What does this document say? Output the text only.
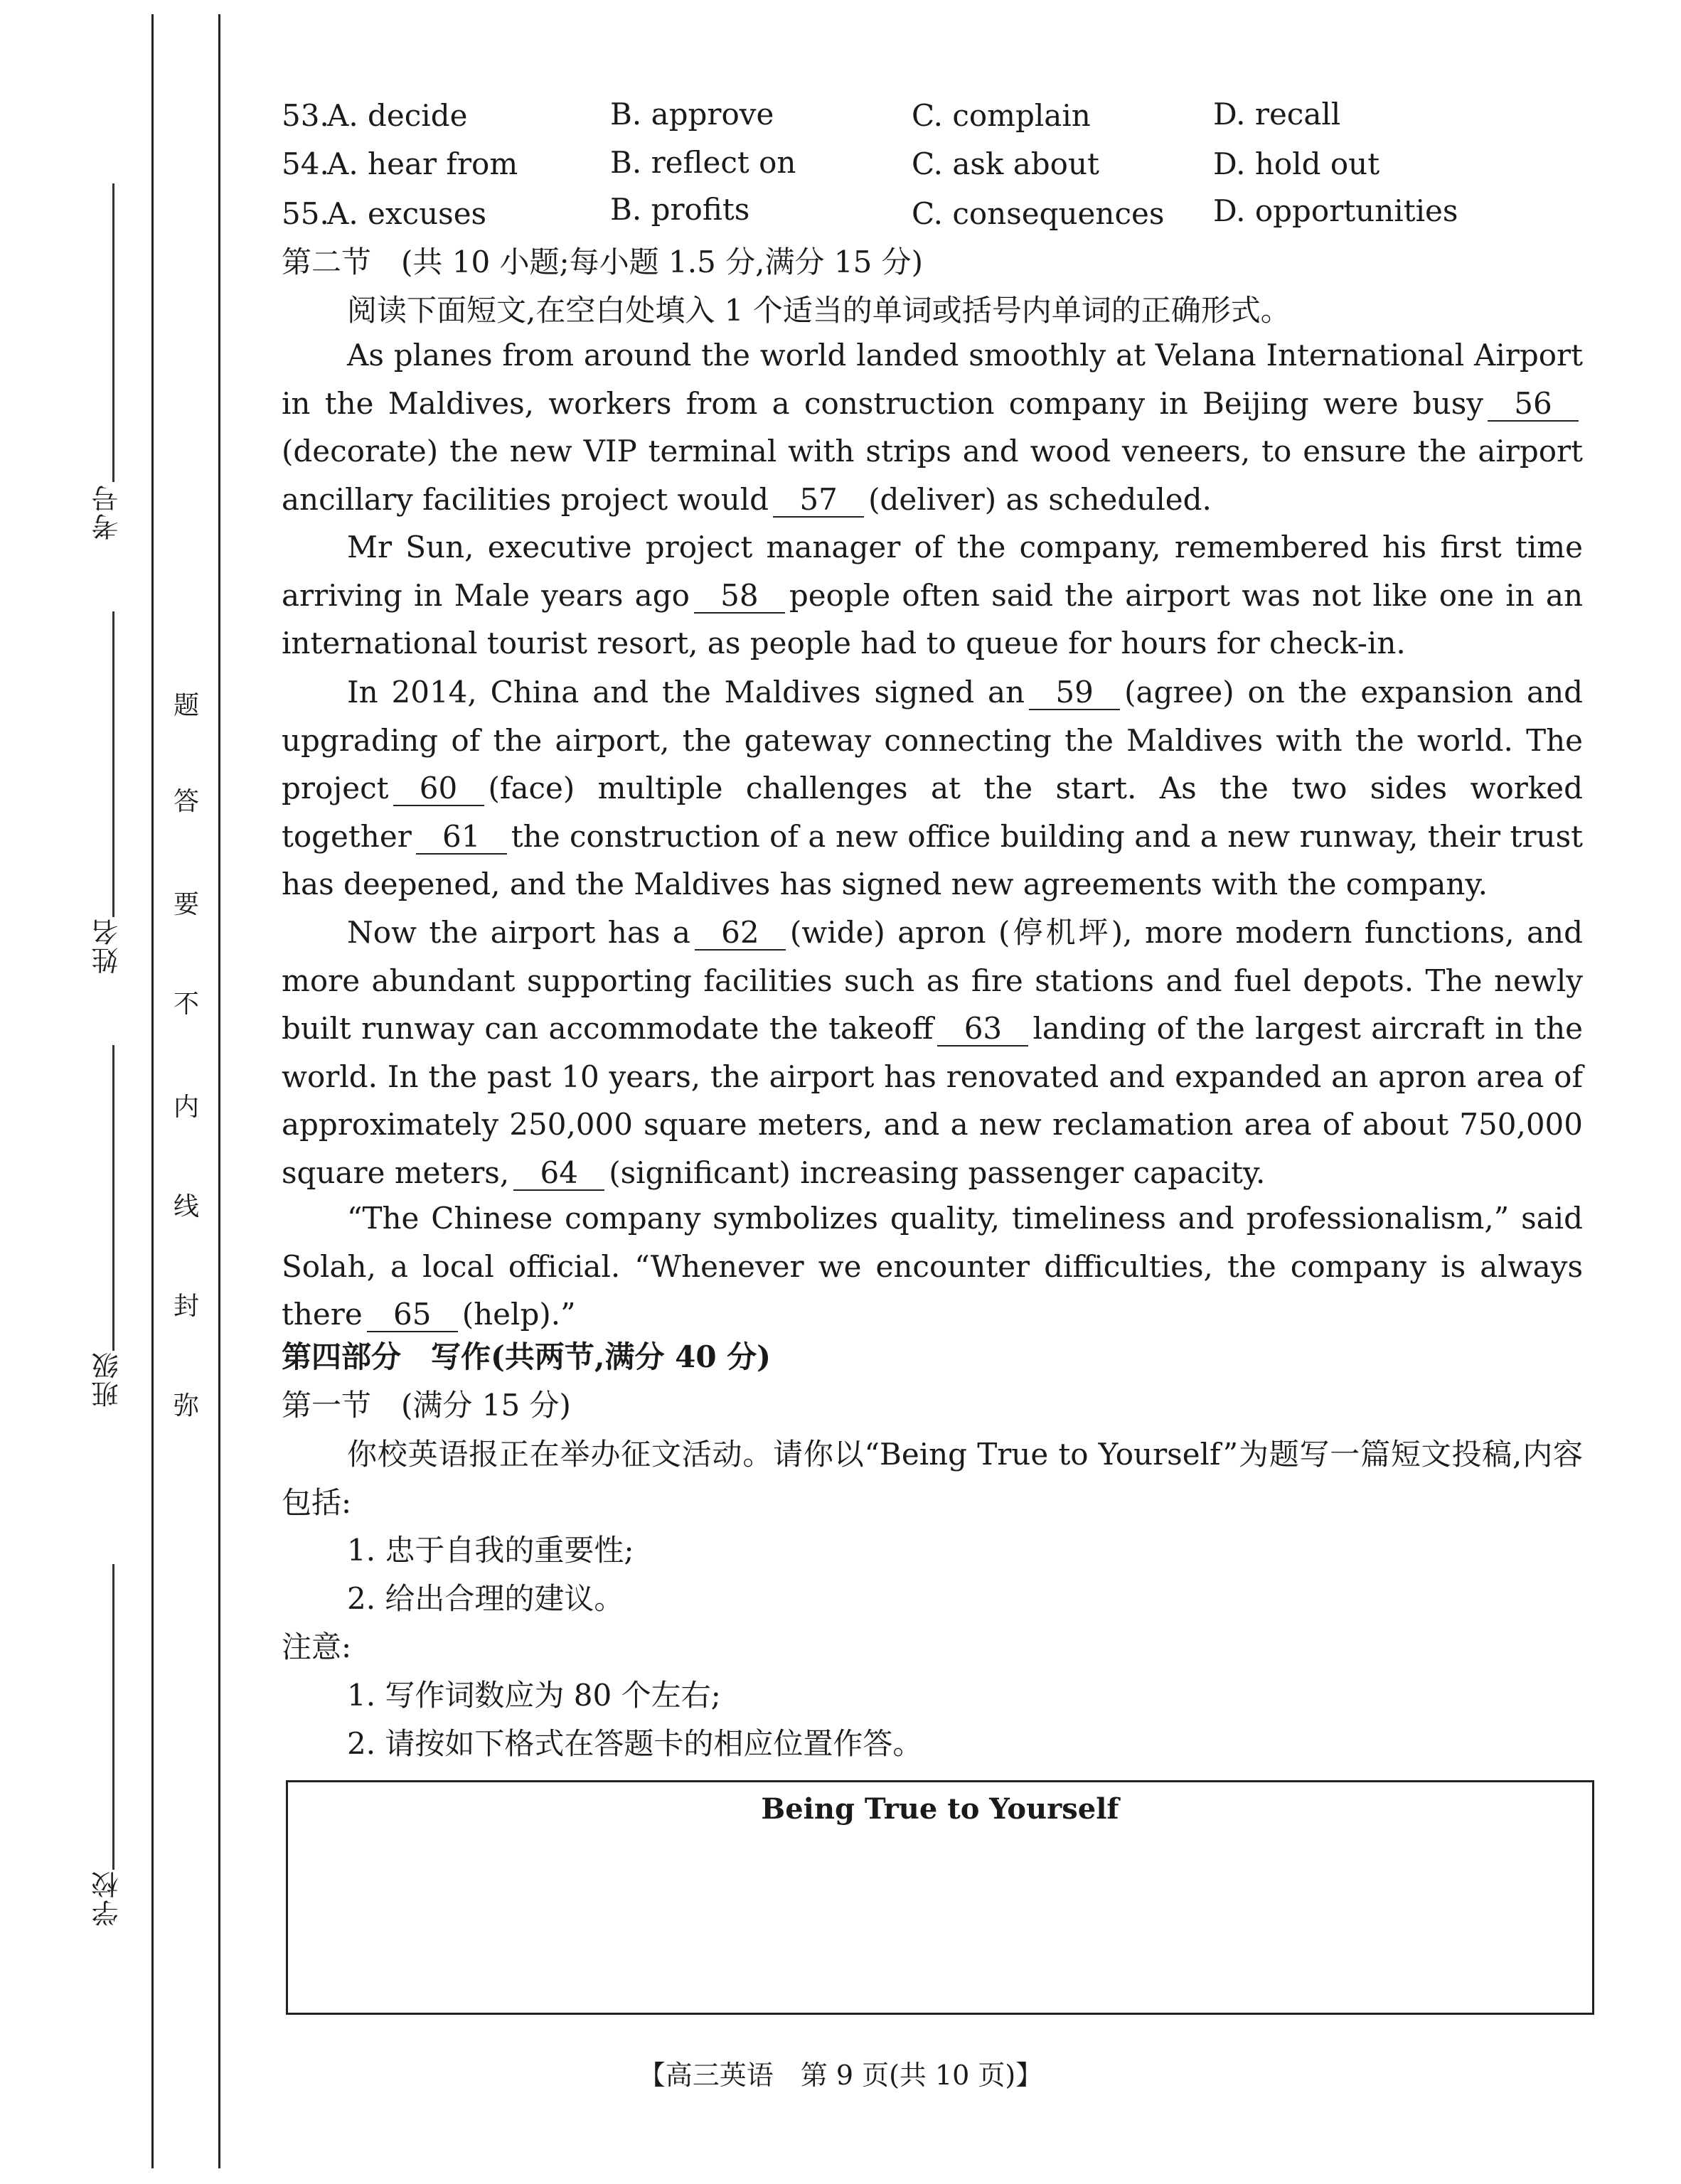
考号
姓名
班级
学校
题
答
要
不
内
线
封
弥
53.
A. decide	B. approve	C. complain	D. recall
54.
A. hear from	B. reflect on	C. ask about	D. hold out
55.
A. excuses	B. profits	C. consequences D. opportunities
第二节　(共 10 小题;每小题 1.5 分,满分 15 分)
阅读下面短文,在空白处填入 1 个适当的单词或括号内单词的正确形式。

As planes from around the world landed smoothly at Velana International Airport in the Maldives, workers from a construction company in Beijing were busy 56(decorate) the new VIP terminal with strips and wood veneers, to ensure the airport ancillary facilities project would 57 (deliver) as scheduled.

Mr Sun, executive project manager of the company, remembered his first time arriving in Male years ago 58 people often said the airport was not like one in an international tourist resort, as people had to queue for hours for check-in.

In 2014, China and the Maldives signed an 59 (agree) on the expansion and upgrading of the airport, the gateway connecting the Maldives with the world. The project 60 (face) multiple challenges at the start. As the two sides worked together 61 the construction of a new office building and a new runway, their trust has deepened, and the Maldives has signed new agreements with the company.

Now the airport has a 62 (wide) apron (停机坪), more modern functions, and more abundant supporting facilities such as fire stations and fuel depots. The newly built runway can accommodate the takeoff 63 landing of the largest aircraft in the world. In the past 10 years, the airport has renovated and expanded an apron area of approximately 250,000 square meters, and a new reclamation area of about 750,000 square meters, 64 (significant) increasing passenger capacity.

“The Chinese company symbolizes quality, timeliness and professionalism,” said Solah, a local official. “Whenever we encounter difficulties, the company is always there 65 (help).”

第四部分　写作(共两节,满分 40 分)
第一节　(满分 15 分)

你校英语报正在举办征文活动。请你以“Being True to Yourself”为题写一篇短文投稿,内容包括:

1. 忠于自我的重要性;
2. 给出合理的建议。
注意:
1. 写作词数应为 80 个左右;
2. 请按如下格式在答题卡的相应位置作答。
Being True to Yourself
【高三英语　第 9 页(共 10 页)】
